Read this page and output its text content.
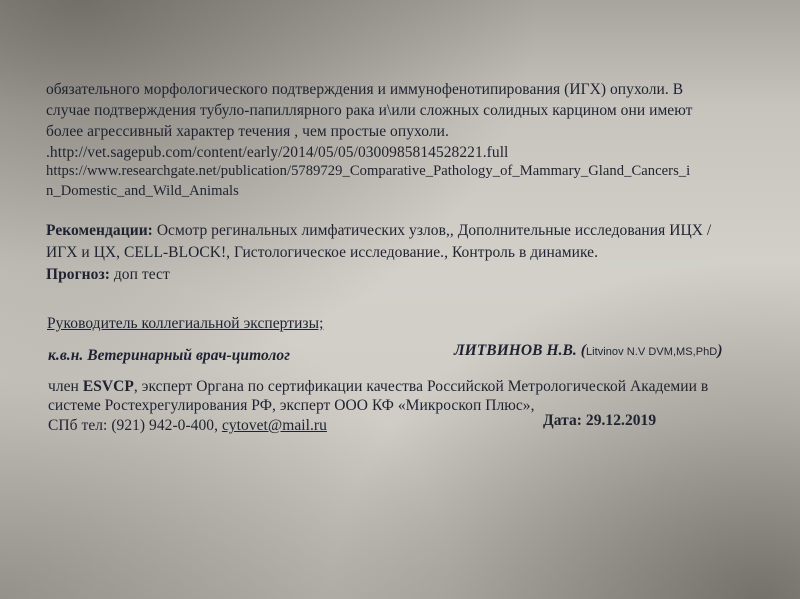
обязательного морфологического подтверждения и иммунофенотипирования (ИГХ) опухоли. В
случае подтверждения тубуло-папиллярного рака и\или сложных солидных карцином они имеют
более агрессивный характер течения , чем простые опухоли.
.http://vet.sagepub.com/content/early/2014/05/05/0300985814528221.full
https://www.researchgate.net/publication/5789729_Comparative_Pathology_of_Mammary_Gland_Cancers_i
n_Domestic_and_Wild_Animals
Рекомендации: Осмотр регинальных лимфатических узлов,, Дополнительные исследования ИЦХ /
ИГХ и ЦХ, CELL-BLOCK!, Гистологическое исследование., Контроль в динамике.
Прогноз: доп тест
Руководитель коллегиальной экспертизы;
к.в.н. Ветеринарный врач-цитолог	ЛИТВИНОВ Н.В. (Litvinov N.V DVM,MS,PhD)
член ESVCP, эксперт Органа по сертификации качества Российской Метрологической Академии в
системе Ростехрегулирования РФ, эксперт ООО КФ «Микроскоп Плюс»,
СПб тел: (921) 942-0-400, cytovet@mail.ru	Дата: 29.12.2019
